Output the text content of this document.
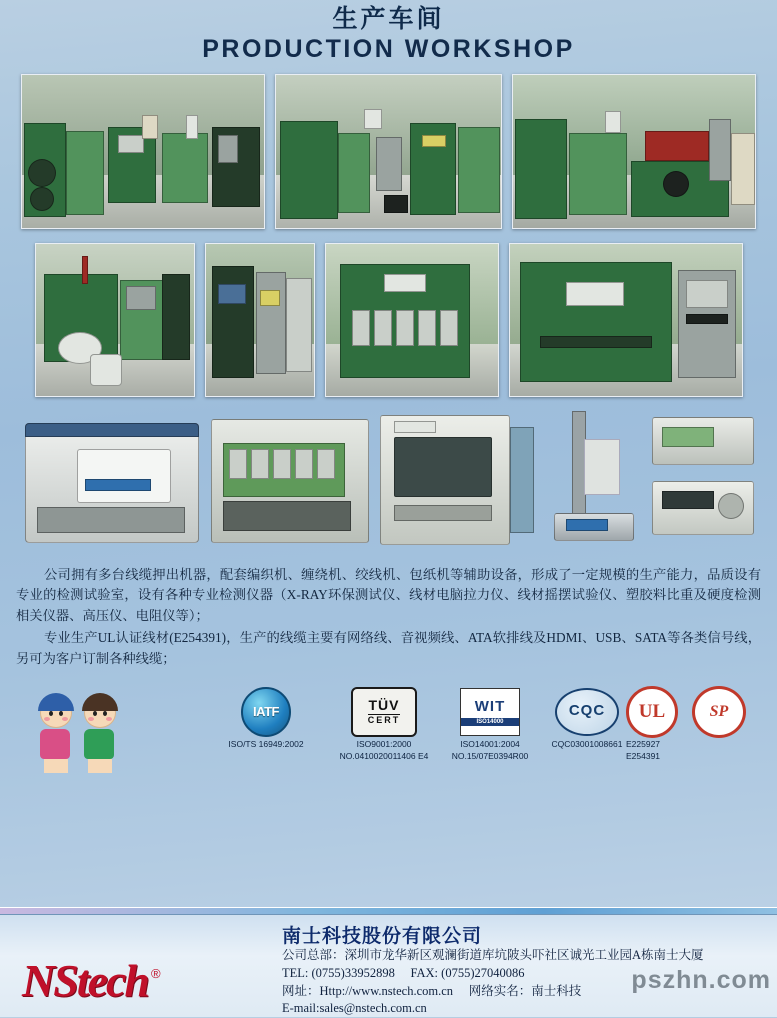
生产车间
PRODUCTION WORKSHOP

公司拥有多台线缆押出机器，配套编织机、缠绕机、绞线机、包纸机等辅助设备，形成了一定规模的生产能力，品质设有专业的检测试验室，设有各种专业检测仪器（X-RAY环保测试仪、线材电脑拉力仪、线材摇摆试验仪、塑胶料比重及硬度检测相关仪器、高压仪、电阻仪等）；

专业生产UL认证线材(E254391)，生产的线缆主要有网络线、音视频线、ATA软排线及HDMI、USB、SATA等各类信号线，另可为客户订制各种线缆；

IATF
ISO/TS 16949:2002
TÜV
CERT
ISO9001:2000
NO.0410020011406 E4
WIT
ISO14000
ISO14001:2004
NO.15/07E0394R00
CQC
CQC03001008661
UL
E225927
E254391
SP
NStech ®
南士科技股份有限公司
公司总部：深圳市龙华新区观澜街道库坑陂头吓社区诚光工业园A栋南士大厦
TEL: (0755)33952898 FAX: (0755)27040086
网址：Http://www.nstech.com.cn 网络实名：南士科技
E-mail:sales@nstech.com.cn
pszhn.com
